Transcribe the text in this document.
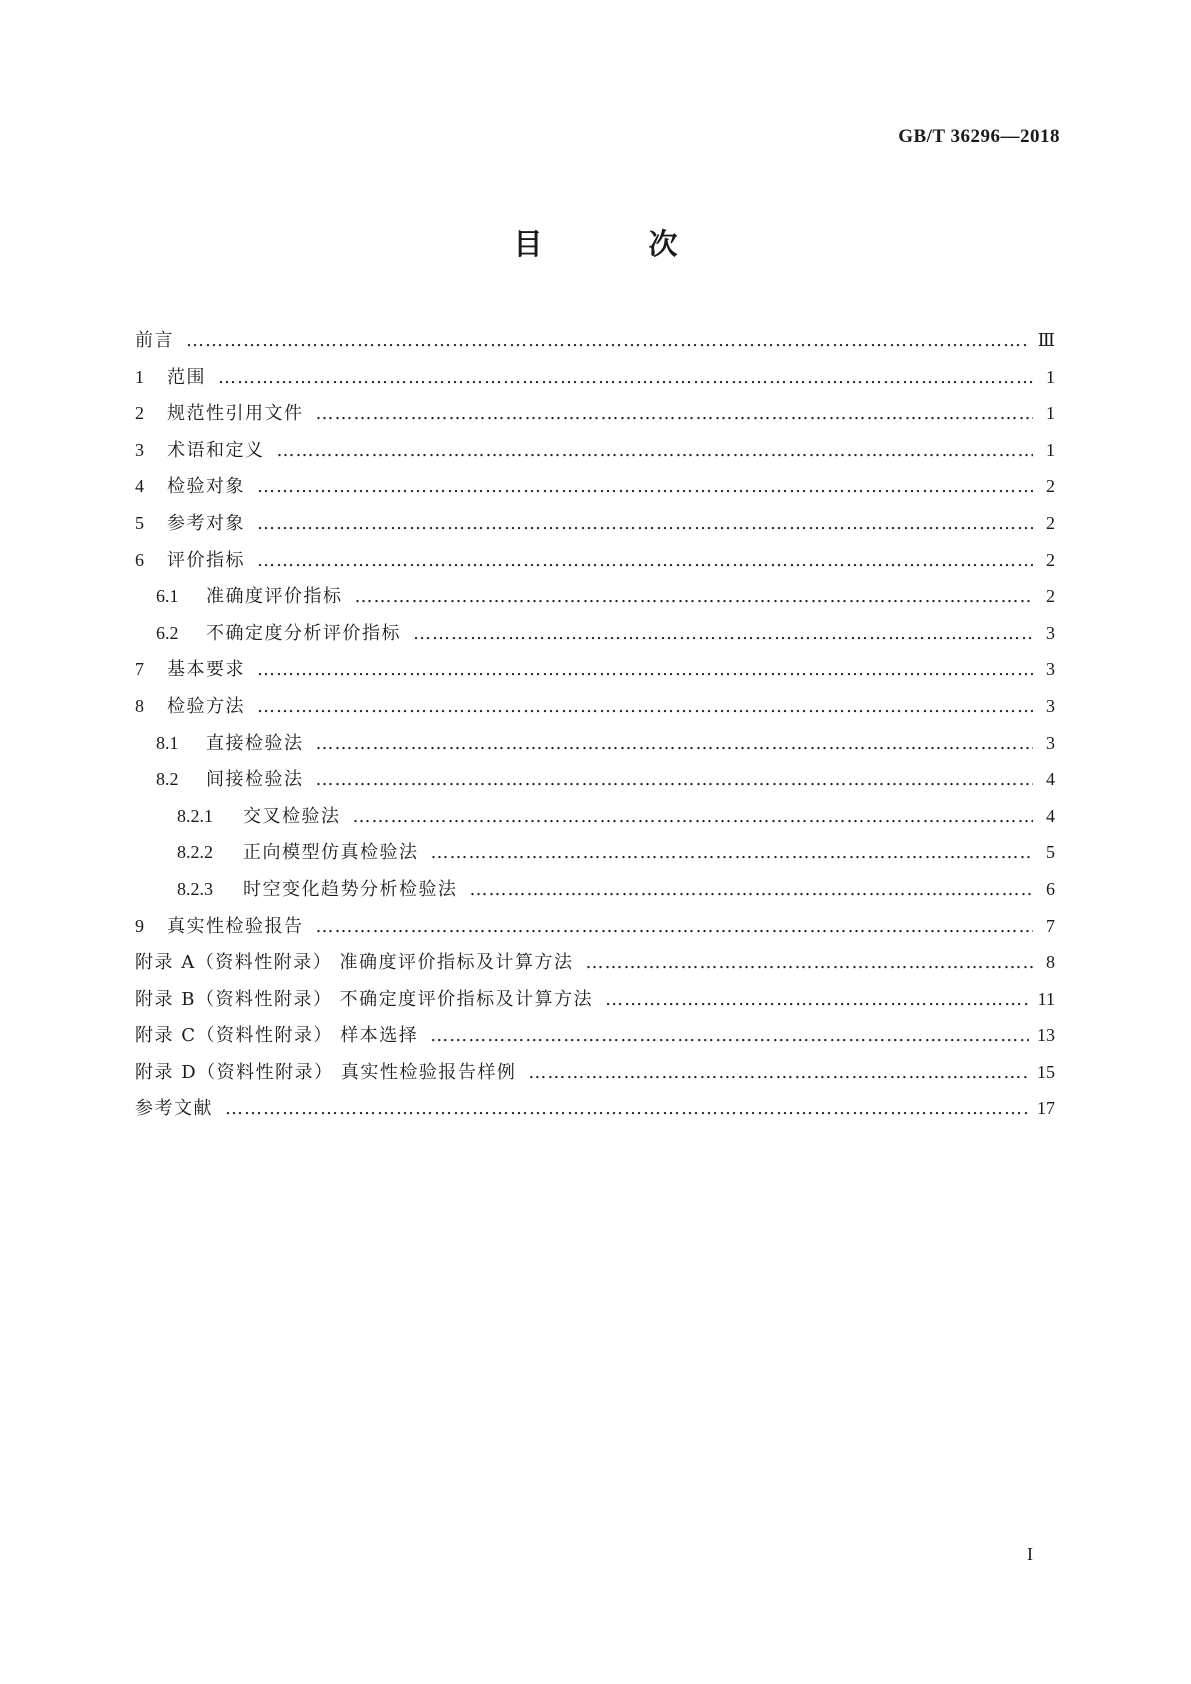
GB/T 36296—2018
目 次
前言 ……………………………………………………………………………………………………………………………………………………………………………………………………	Ⅲ
1	范围 ……………………………………………………………………………………………………………………………………………………………………………………………………	1
2	规范性引用文件 ……………………………………………………………………………………………………………………………………………………………………………………………………	1
3	术语和定义 ……………………………………………………………………………………………………………………………………………………………………………………………………	1
4	检验对象 ……………………………………………………………………………………………………………………………………………………………………………………………………	2
5	参考对象 ……………………………………………………………………………………………………………………………………………………………………………………………………	2
6	评价指标 ……………………………………………………………………………………………………………………………………………………………………………………………………	2
6.1	准确度评价指标 ……………………………………………………………………………………………………………………………………………………………………………………………………	2
6.2	不确定度分析评价指标 ……………………………………………………………………………………………………………………………………………………………………………………………………	3
7	基本要求 ……………………………………………………………………………………………………………………………………………………………………………………………………	3
8	检验方法 ……………………………………………………………………………………………………………………………………………………………………………………………………	3
8.1	直接检验法 ……………………………………………………………………………………………………………………………………………………………………………………………………	3
8.2	间接检验法 ……………………………………………………………………………………………………………………………………………………………………………………………………	4
8.2.1	交叉检验法 ……………………………………………………………………………………………………………………………………………………………………………………………………	4
8.2.2	正向模型仿真检验法 ……………………………………………………………………………………………………………………………………………………………………………………………………	5
8.2.3	时空变化趋势分析检验法 ……………………………………………………………………………………………………………………………………………………………………………………………………	6
9	真实性检验报告 ……………………………………………………………………………………………………………………………………………………………………………………………………	7
附录 A（资料性附录） 准确度评价指标及计算方法 ……………………………………………………………………………………………………………………………………………………………………………………………………	8
附录 B（资料性附录） 不确定度评价指标及计算方法 ……………………………………………………………………………………………………………………………………………………………………………………………………	11
附录 C（资料性附录） 样本选择 ……………………………………………………………………………………………………………………………………………………………………………………………………	13
附录 D（资料性附录） 真实性检验报告样例 ……………………………………………………………………………………………………………………………………………………………………………………………………	15
参考文献 ……………………………………………………………………………………………………………………………………………………………………………………………………	17
I
